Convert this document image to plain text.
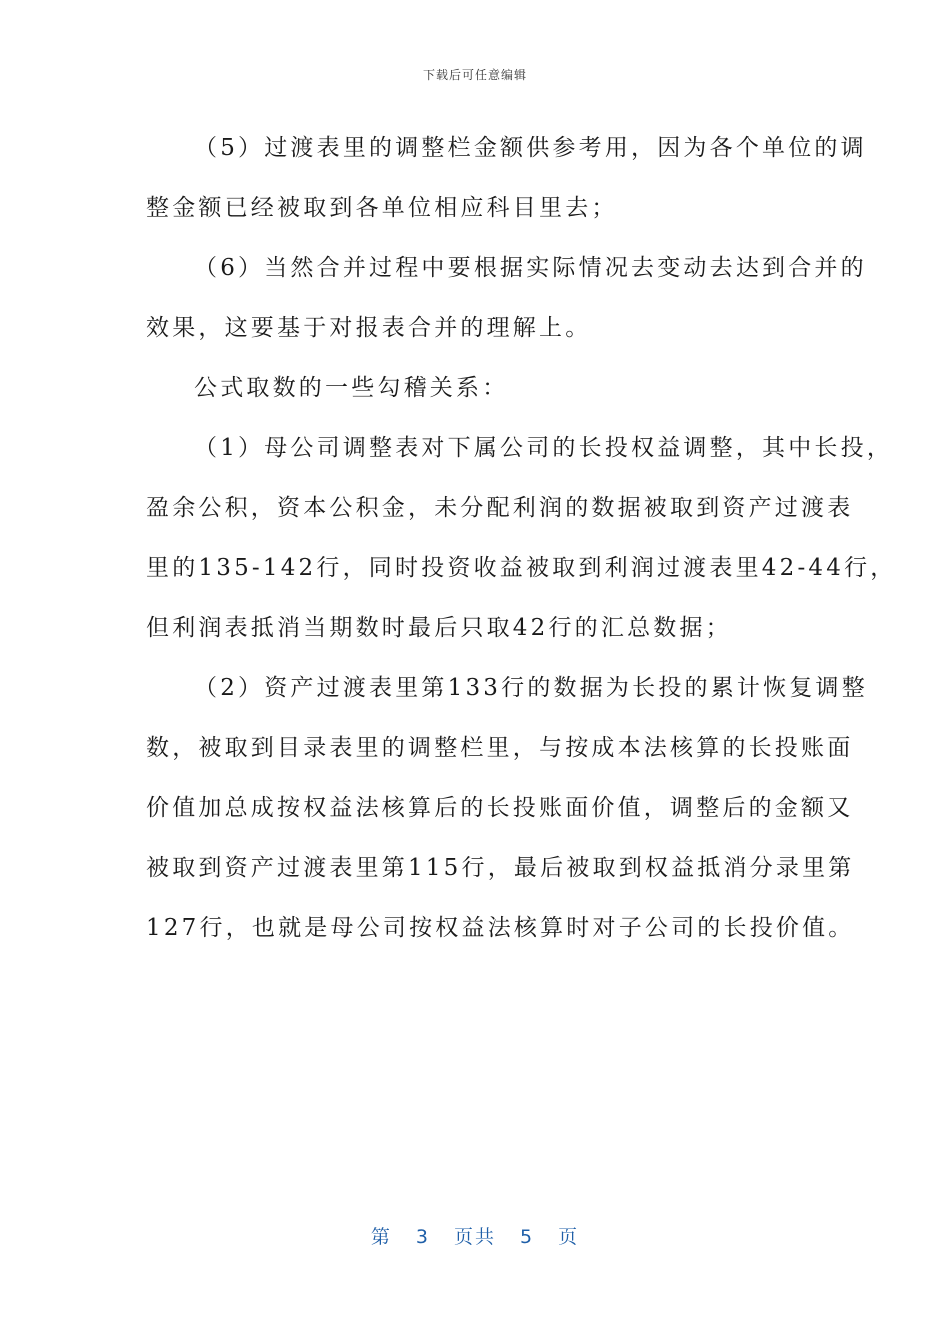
下载后可任意编辑
（5）过渡表里的调整栏金额供参考用，因为各个单位的调
整金额已经被取到各单位相应科目里去；
（6）当然合并过程中要根据实际情况去变动去达到合并的
效果，这要基于对报表合并的理解上。
公式取数的一些勾稽关系：
（1）母公司调整表对下属公司的长投权益调整，其中长投，
盈余公积，资本公积金，未分配利润的数据被取到资产过渡表
里的135-142行，同时投资收益被取到利润过渡表里42-44行，
但利润表抵消当期数时最后只取42行的汇总数据；
（2）资产过渡表里第133行的数据为长投的累计恢复调整
数，被取到目录表里的调整栏里，与按成本法核算的长投账面
价值加总成按权益法核算后的长投账面价值，调整后的金额又
被取到资产过渡表里第115行，最后被取到权益抵消分录里第
127行，也就是母公司按权益法核算时对子公司的长投价值。
第 3 页共 5 页
